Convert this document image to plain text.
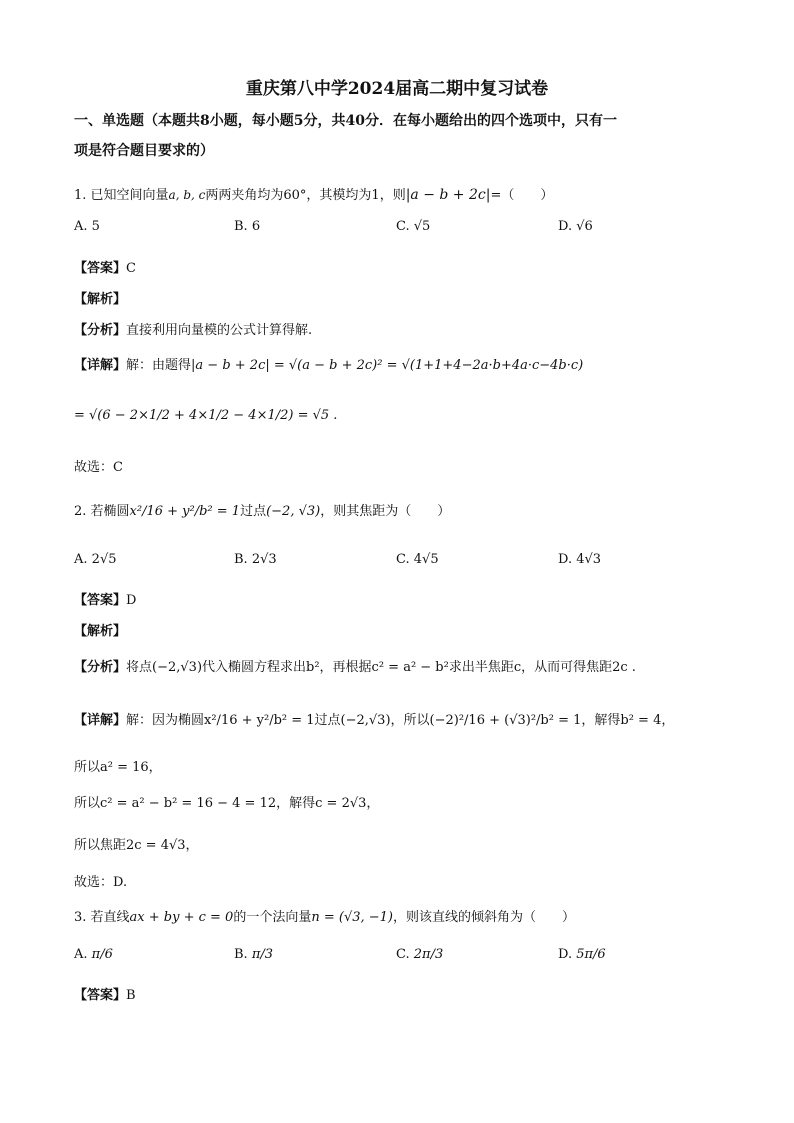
重庆第八中学2024届高二期中复习试卷
一、单选题（本题共8小题，每小题5分，共40分．在每小题给出的四个选项中，只有一
项是符合题目要求的）
1. 已知空间向量a, b, c两两夹角均为60°，其模均为1，则|a − b + 2c|=（　　）
A. 5	B. 6	C. √5	D. √6
【答案】C
【解析】
【分析】直接利用向量模的公式计算得解.
【详解】解：由题得|a − b + 2c| = √(a − b + 2c)² = √(1+1+4−2a·b+4a·c−4b·c)
= √(6 − 2×1/2 + 4×1/2 − 4×1/2) = √5 .
故选：C
2. 若椭圆x²/16 + y²/b² = 1过点(−2, √3)，则其焦距为（　　）
A. 2√5	B. 2√3	C. 4√5	D. 4√3
【答案】D
【解析】
【分析】将点(−2,√3)代入椭圆方程求出b²，再根据c² = a² − b²求出半焦距c，从而可得焦距2c .
【详解】解：因为椭圆x²/16 + y²/b² = 1过点(−2,√3)，所以(−2)²/16 + (√3)²/b² = 1，解得b² = 4，
所以a² = 16，
所以c² = a² − b² = 16 − 4 = 12，解得c = 2√3，
所以焦距2c = 4√3，
故选：D.
3. 若直线ax + by + c = 0的一个法向量n = (√3, −1)，则该直线的倾斜角为（　　）
A. π/6	B. π/3	C. 2π/3	D. 5π/6
【答案】B
